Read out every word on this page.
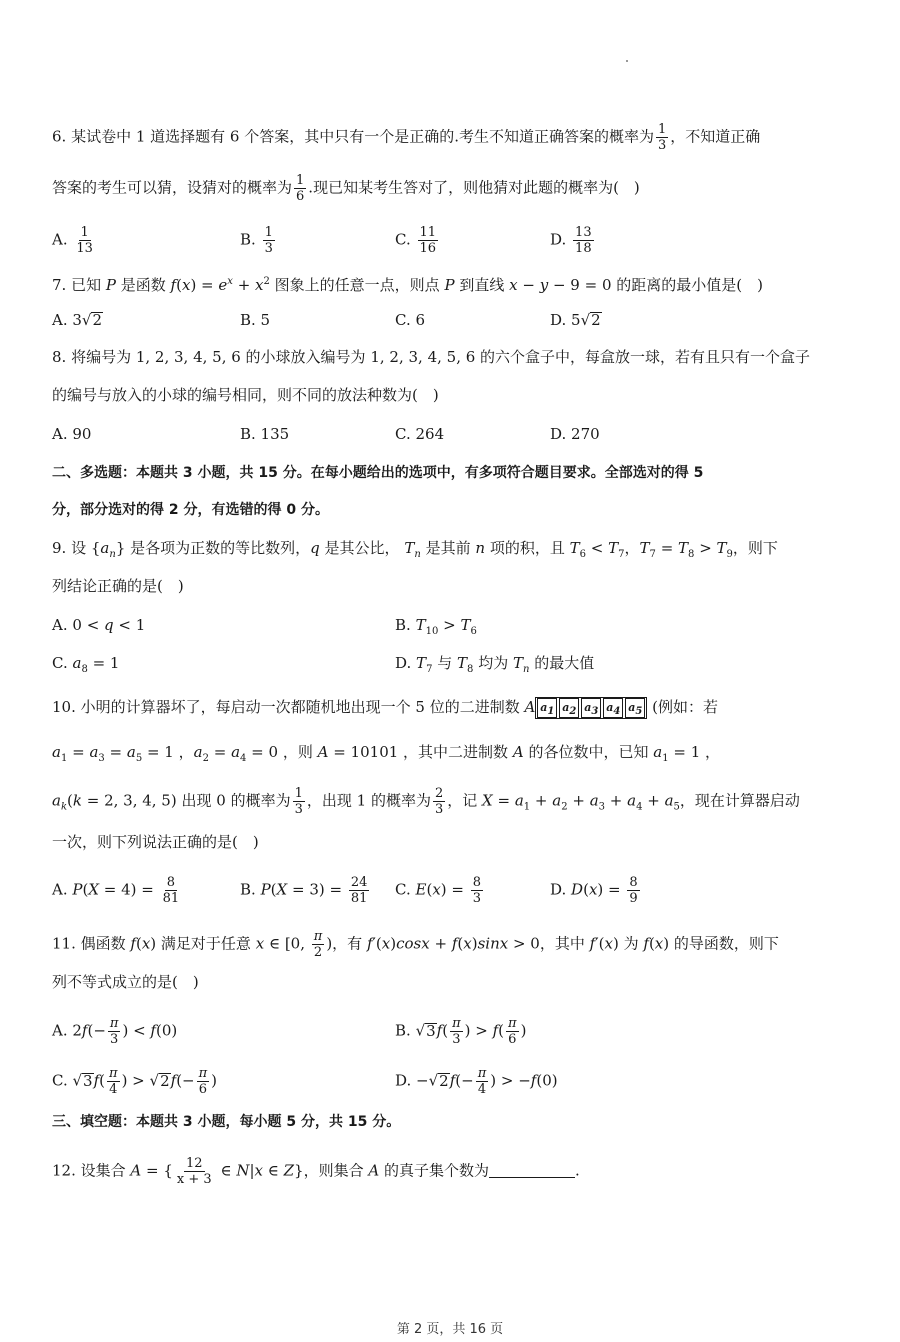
6. 某试卷中 1 道选择题有 6 个答案，其中只有一个是正确的.考生不知道正确答案的概率为 $\frac{1}{3}$ ，不知道正确
答案的考生可以猜，设猜对的概率为 $\frac{1}{6}$ .现已知某考生答对了，则他猜对此题的概率为(　)
A. $\frac{1}{13}$	B. $\frac{1}{3}$	C. $\frac{11}{16}$	D. $\frac{13}{18}$
7. 已知 P 是函数 $f(x) = e^x + x^2$ 图象上的任意一点，则点 P 到直线 x − y − 9 = 0 的距离的最小值是(　)
A. 3√2	B. 5	C. 6	D. 5√2
8. 将编号为 1, 2, 3, 4, 5, 6 的小球放入编号为 1, 2, 3, 4, 5, 6 的六个盒子中，每盒放一球，若有且只有一个盒子
的编号与放入的小球的编号相同，则不同的放法种数为(　)
A. 90	B. 135	C. 264	D. 270
二、多选题：本题共 3 小题，共 15 分。在每小题给出的选项中，有多项符合题目要求。全部选对的得 5
分，部分选对的得 2 分，有选错的得 0 分。
9. 设 $\{a_n\}$ 是各项为正数的等比数列，q 是其公比， $T_n$ 是其前 n 项的积，且 $T_6 < T_7$，$T_7 = T_8 > T_9$，则下
列结论正确的是(　)
A. 0 < q < 1	B. $T_{10} > T_6$
C. $a_8 = 1$	D. $T_7$ 与 $T_8$ 均为 $T_n$ 的最大值
10. 小明的计算器坏了，每启动一次都随机地出现一个 5 位的二进制数 A $a_1$ $a_2$ $a_3$ $a_4$ $a_5$ (例如：若
$a_1 = a_3 = a_5 = 1$ ，$a_2 = a_4 = 0$ ，则 A = 10101 ，其中二进制数 A 的各位数中，已知 $a_1 = 1$ ，
$a_k(k = 2$, 3, 4, 5) 出现 0 的概率为 $\frac{1}{3}$ ，出现 1 的概率为 $\frac{2}{3}$ ，记 $X = a_1 + a_2 + a_3 + a_4 + a_5$，现在计算器启动
一次，则下列说法正确的是(　)
A. $P(X = 4) = \frac{8}{81}$	B. $P(X = 3) = \frac{24}{81} C$. $E(x) = \frac{8}{3}$	D. $D(x) = \frac{8}{9}$
11. 偶函数 f(x) 满足对于任意 x ∈ [0, $\frac{\pi}{2}$ )，有 f′(x)cosx + f(x)sinx > 0，其中 f′(x) 为 f(x) 的导函数，则下
列不等式成立的是(　)
A. $2f(- \frac{\pi}{3}$ ) < f(0)	B. $√3f( \frac{\pi}{3}$ ) > $f( \frac{\pi}{6}$ )
C. $√3f( \frac{\pi}{4}$ ) > $√2f(- \frac{\pi}{6}$ )	D. $-√2f(- \frac{\pi}{4}$ ) > −f(0)
三、填空题：本题共 3 小题，每小题 5 分，共 15 分。
12. 设集合 A = { $\frac{12}{x + 3}$ ∈ N|x ∈ Z}，则集合 A 的真子集个数为	.
第 2 页，共 16 页
